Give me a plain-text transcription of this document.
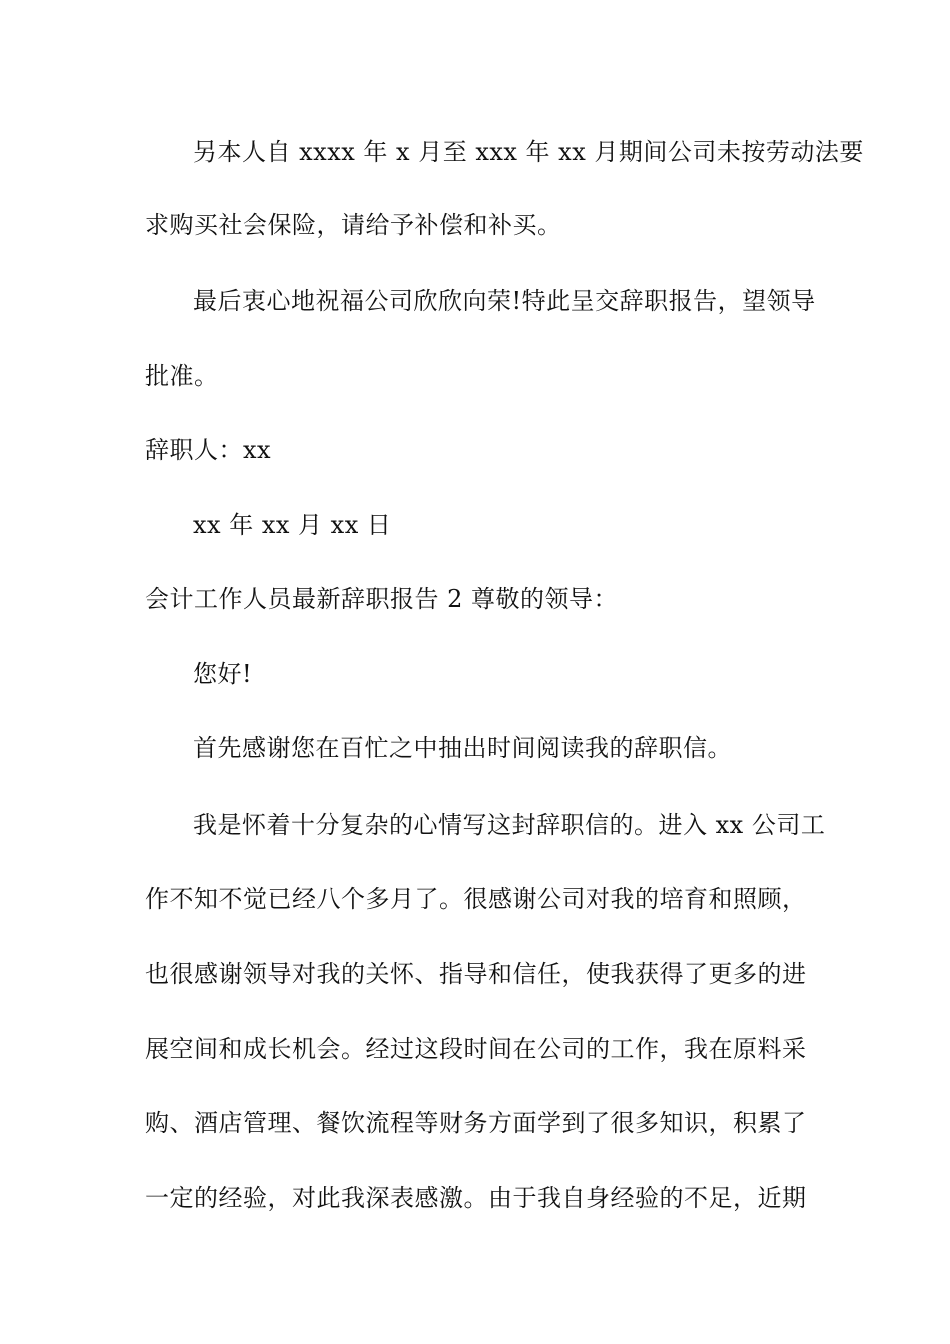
另本人自 xxxx 年 x 月至 xxx 年 xx 月期间公司未按劳动法要
求购买社会保险，请给予补偿和补买。
最后衷心地祝福公司欣欣向荣!特此呈交辞职报告，望领导
批准。
辞职人：xx
xx 年 xx 月 xx 日
会计工作人员最新辞职报告 2 尊敬的领导：
您好!
首先感谢您在百忙之中抽出时间阅读我的辞职信。
我是怀着十分复杂的心情写这封辞职信的。进入 xx 公司工
作不知不觉已经八个多月了。很感谢公司对我的培育和照顾，
也很感谢领导对我的关怀、指导和信任，使我获得了更多的进
展空间和成长机会。经过这段时间在公司的工作，我在原料采
购、酒店管理、餐饮流程等财务方面学到了很多知识，积累了
一定的经验，对此我深表感激。由于我自身经验的不足，近期
